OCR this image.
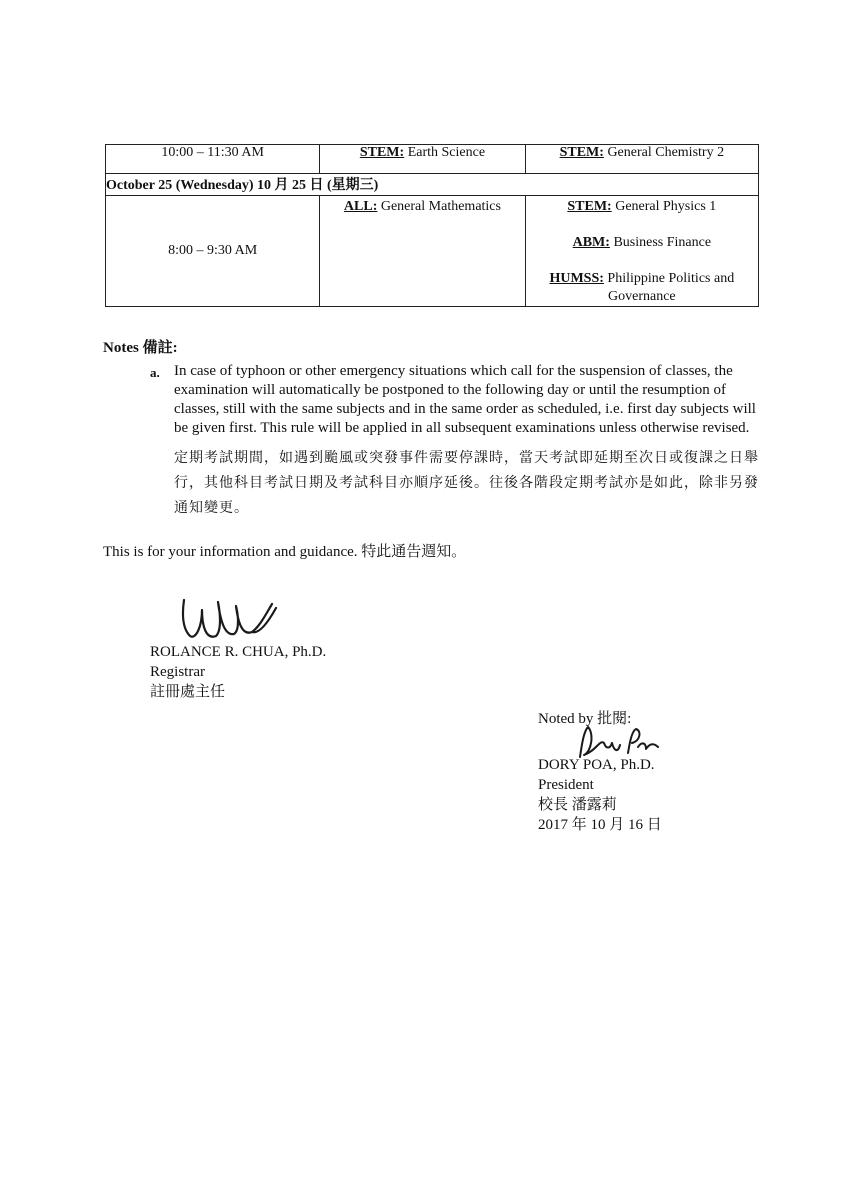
10:00 – 11:30 AM	STEM: Earth Science	STEM: General Chemistry 2
October 25 (Wednesday) 10 月 25 日 (星期三)		
8:00 – 9:30 AM	ALL: General Mathematics	STEM: General Physics 1
ABM: Business Finance
HUMSS: Philippine Politics and Governance
Notes 備註:
a. In case of typhoon or other emergency situations which call for the suspension of classes, the examination will automatically be postponed to the following day or until the resumption of classes, still with the same subjects and in the same order as scheduled, i.e. first day subjects will be given first. This rule will be applied in all subsequent examinations unless otherwise revised.
定期考試期間，如遇到颱風或突發事件需要停課時，當天考試即延期至次日或復課之日舉行，其他科目考試日期及考試科目亦順序延後。往後各階段定期考試亦是如此，除非另發通知變更。
This is for your information and guidance. 特此通告週知。
ROLANCE R. CHUA, Ph.D.
Registrar
註冊處主任
Noted by 批閱:
DORY POA, Ph.D.
President
校長 潘露莉
2017 年 10 月 16 日
